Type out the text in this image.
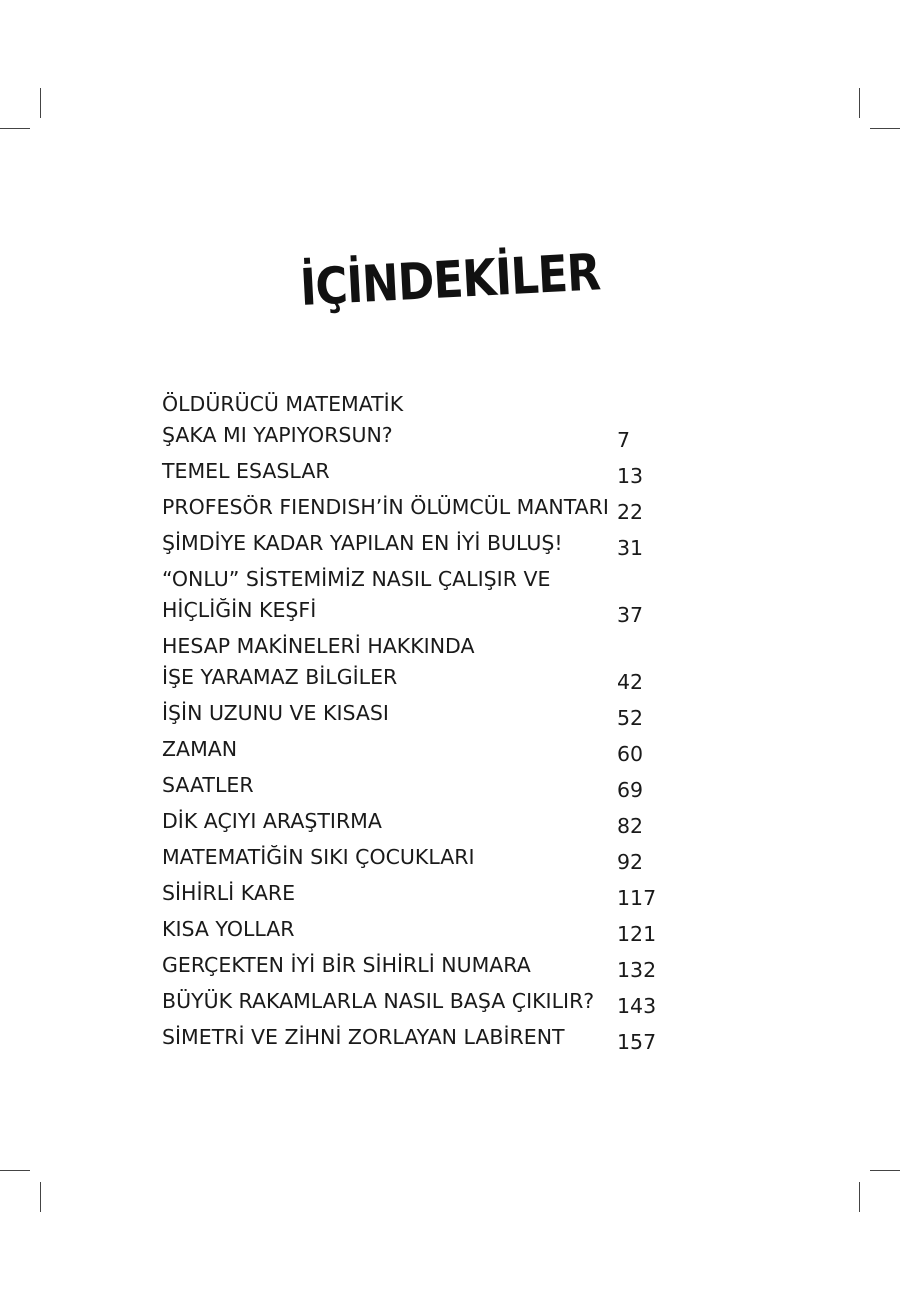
İÇİNDEKİLER
ÖLDÜRÜCÜ MATEMATİK
ŞAKA MI YAPIYORSUN?	7
TEMEL ESASLAR	13
PROFESÖR FIENDISH’İN ÖLÜMCÜL MANTARI 22
ŞİMDİYE KADAR YAPILAN EN İYİ BULUŞ!	31
“ONLU” SİSTEMİMİZ NASIL ÇALIŞIR VE
HİÇLİĞİN KEŞFİ	37
HESAP MAKİNELERİ HAKKINDA
İŞE YARAMAZ BİLGİLER	42
İŞİN UZUNU VE KISASI	52
ZAMAN	60
SAATLER	69
DİK AÇIYI ARAŞTIRMA	82
MATEMATİĞİN SIKI ÇOCUKLARI	92
SİHİRLİ KARE	117
KISA YOLLAR	121
GERÇEKTEN İYİ BİR SİHİRLİ NUMARA	132
BÜYÜK RAKAMLARLA NASIL BAŞA ÇIKILIR?	143
SİMETRİ VE ZİHNİ ZORLAYAN LABİRENT	157
